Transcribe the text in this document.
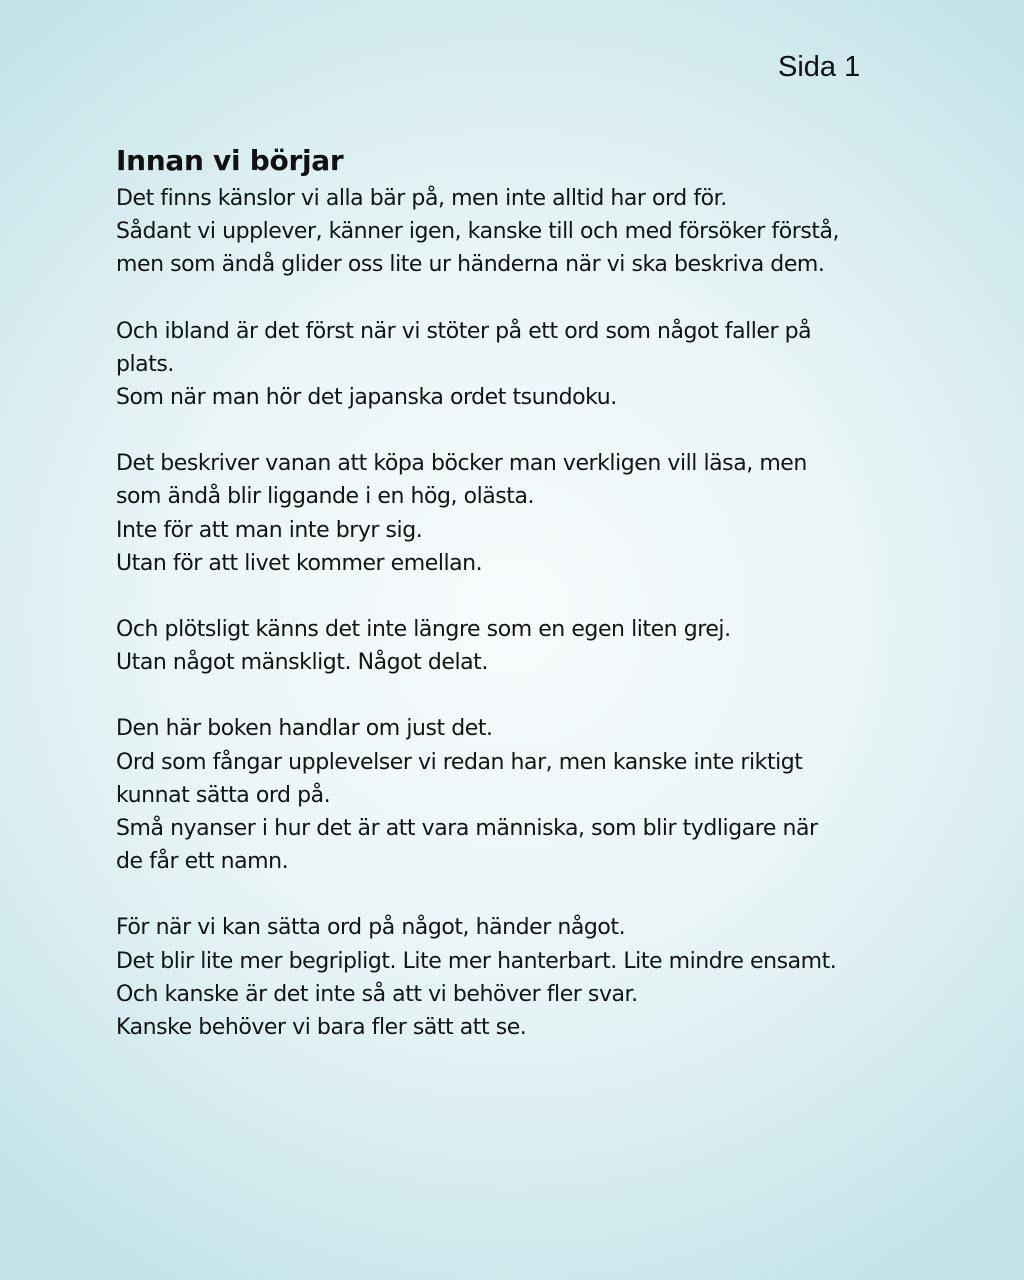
Sida 1
Innan vi börjar
Det finns känslor vi alla bär på, men inte alltid har ord för.
Sådant vi upplever, känner igen, kanske till och med försöker förstå,
men som ändå glider oss lite ur händerna när vi ska beskriva dem.
Och ibland är det först när vi stöter på ett ord som något faller på
plats.
Som när man hör det japanska ordet tsundoku.
Det beskriver vanan att köpa böcker man verkligen vill läsa, men
som ändå blir liggande i en hög, olästa.
Inte för att man inte bryr sig.
Utan för att livet kommer emellan.
Och plötsligt känns det inte längre som en egen liten grej.
Utan något mänskligt. Något delat.
Den här boken handlar om just det.
Ord som fångar upplevelser vi redan har, men kanske inte riktigt
kunnat sätta ord på.
Små nyanser i hur det är att vara människa, som blir tydligare när
de får ett namn.
För när vi kan sätta ord på något, händer något.
Det blir lite mer begripligt. Lite mer hanterbart. Lite mindre ensamt.
Och kanske är det inte så att vi behöver fler svar.
Kanske behöver vi bara fler sätt att se.
